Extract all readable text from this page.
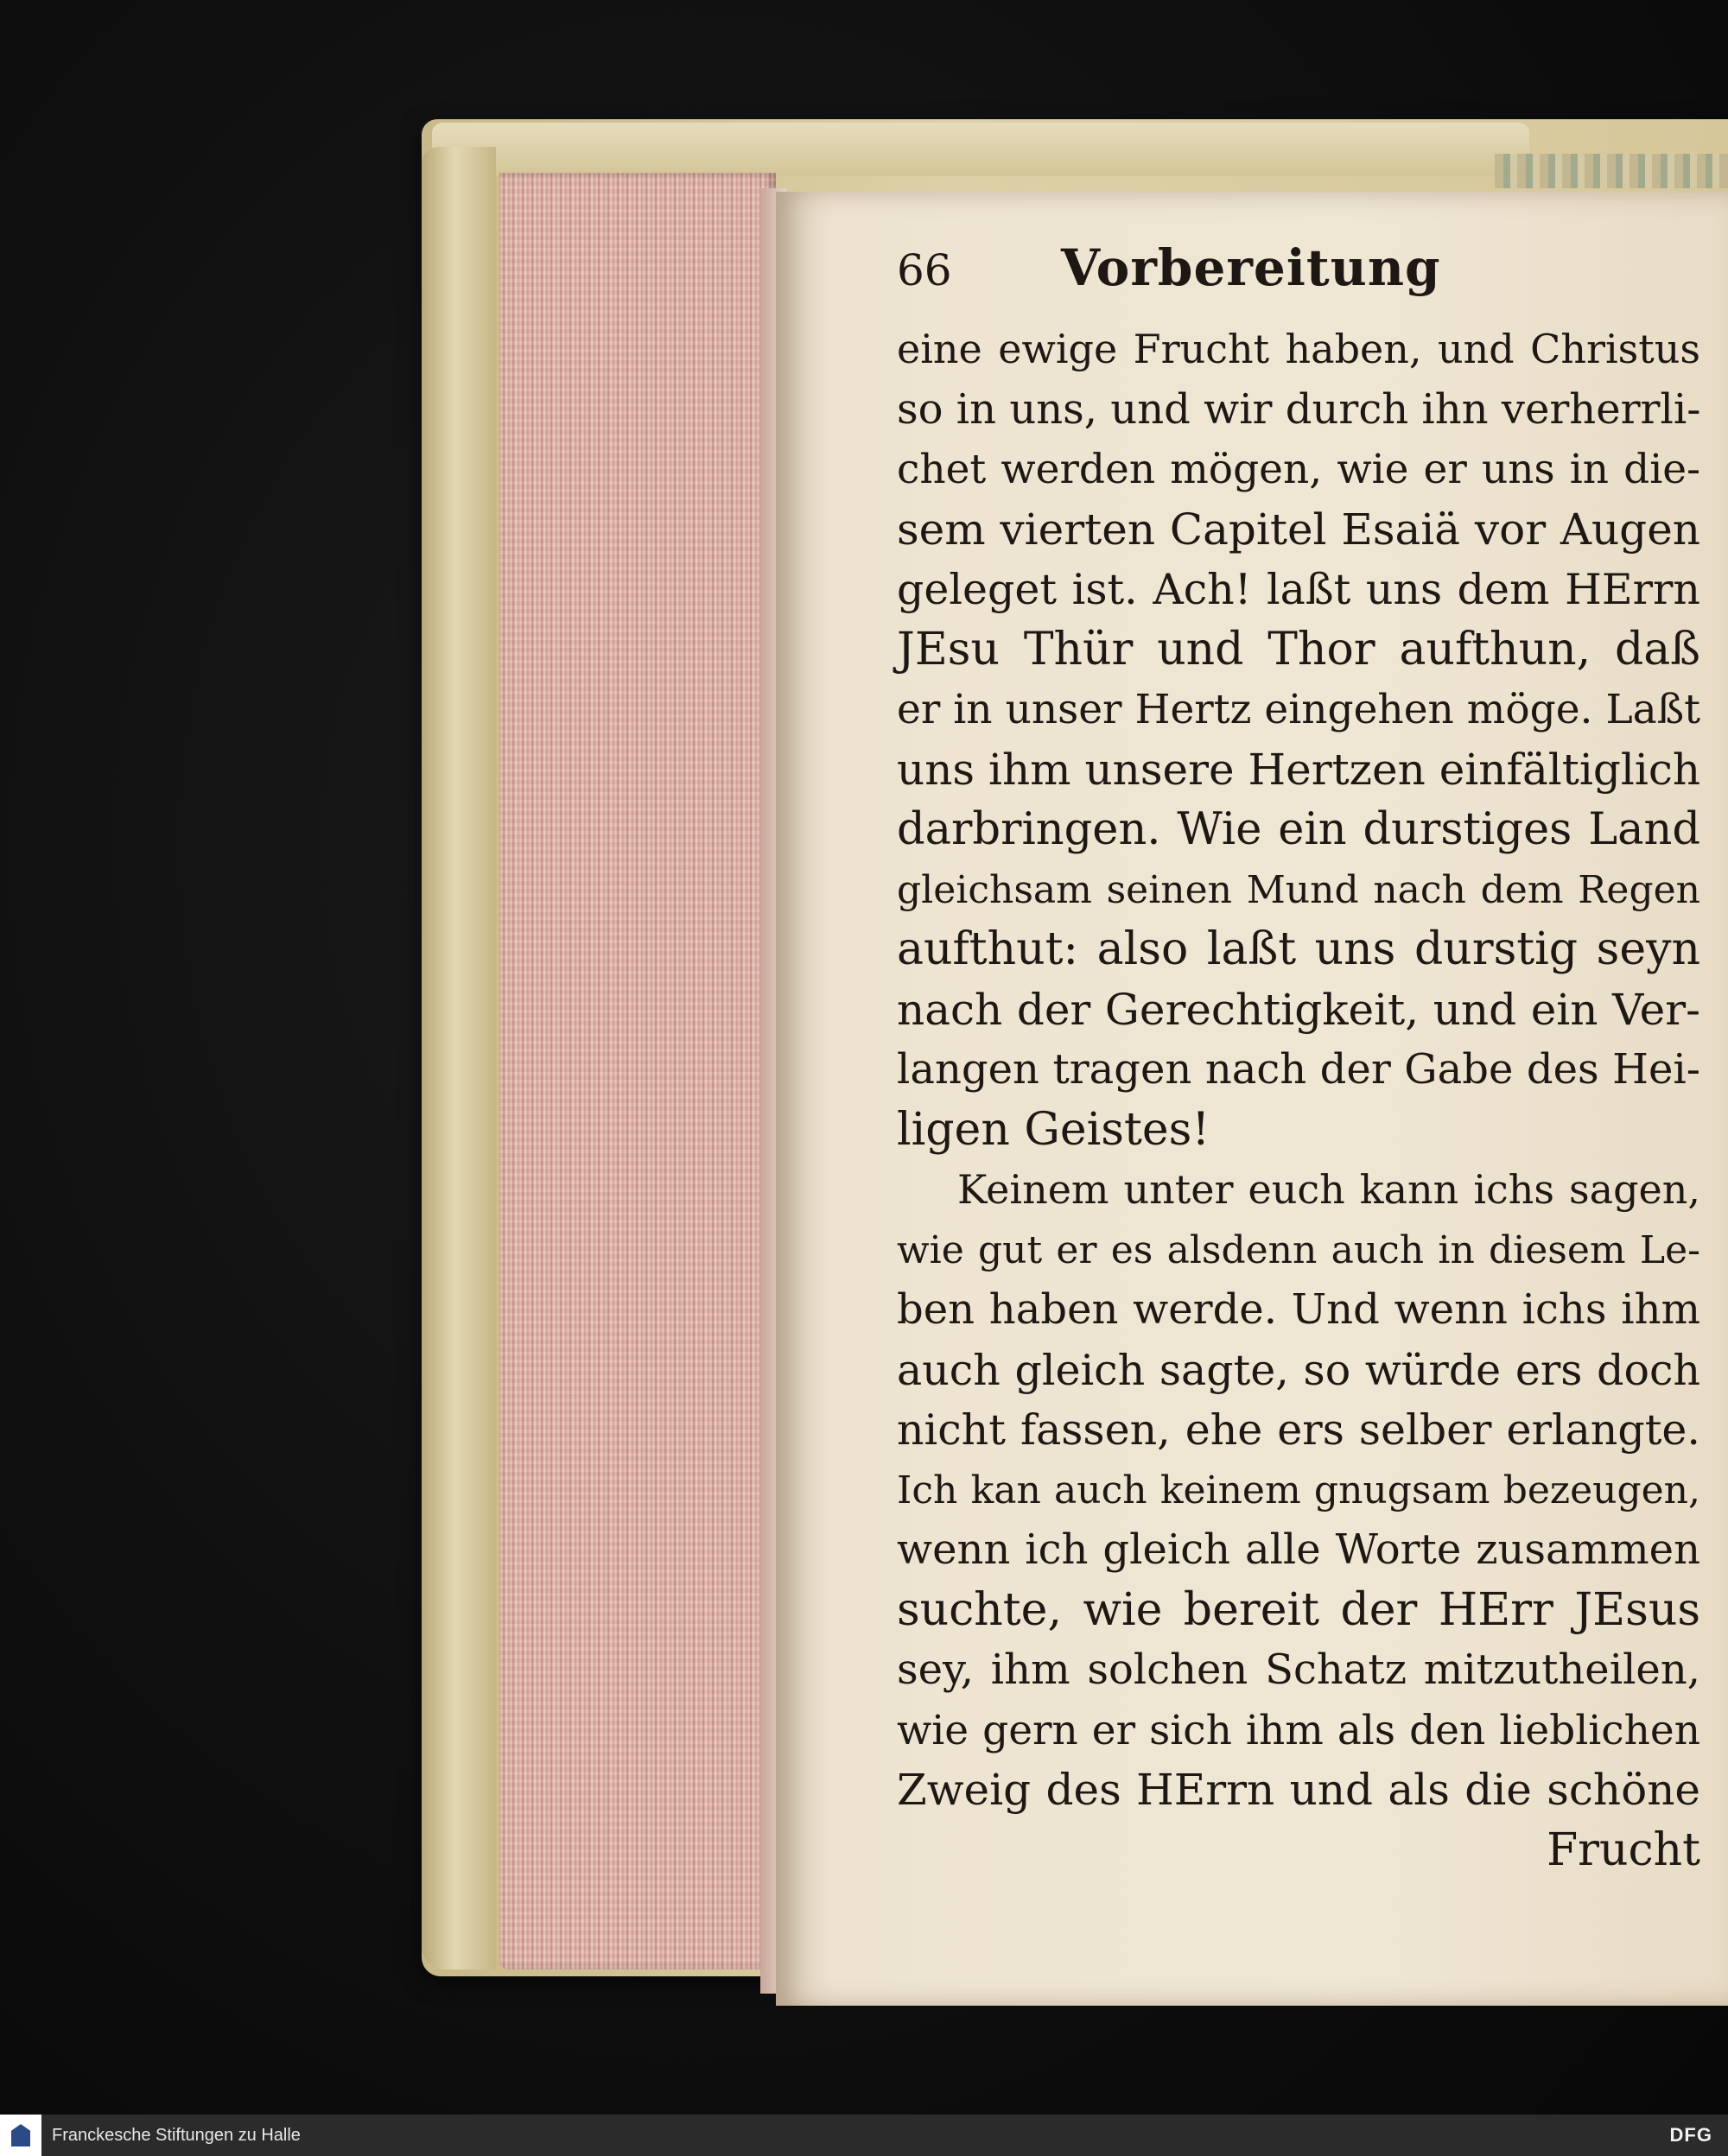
66	Vorbereitung
eine ewige Frucht haben, und Christus
so in uns, und wir durch ihn verherrli-
chet werden mögen, wie er uns in die-
sem vierten Capitel Esaiä vor Augen
geleget ist. Ach! laßt uns dem HErrn
JEsu Thür und Thor aufthun, daß
er in unser Hertz eingehen möge. Laßt
uns ihm unsere Hertzen einfältiglich
darbringen. Wie ein durstiges Land
gleichsam seinen Mund nach dem Regen
aufthut: also laßt uns durstig seyn
nach der Gerechtigkeit, und ein Ver-
langen tragen nach der Gabe des Hei-
ligen Geistes!
Keinem unter euch kann ichs sagen,
wie gut er es alsdenn auch in diesem Le-
ben haben werde. Und wenn ichs ihm
auch gleich sagte, so würde ers doch
nicht fassen, ehe ers selber erlangte.
Ich kan auch keinem gnugsam bezeugen,
wenn ich gleich alle Worte zusammen
suchte, wie bereit der HErr JEsus
sey, ihm solchen Schatz mitzutheilen,
wie gern er sich ihm als den lieblichen
Zweig des HErrn und als die schöne
Frucht
Franckesche Stiftungen zu Halle	DFG
